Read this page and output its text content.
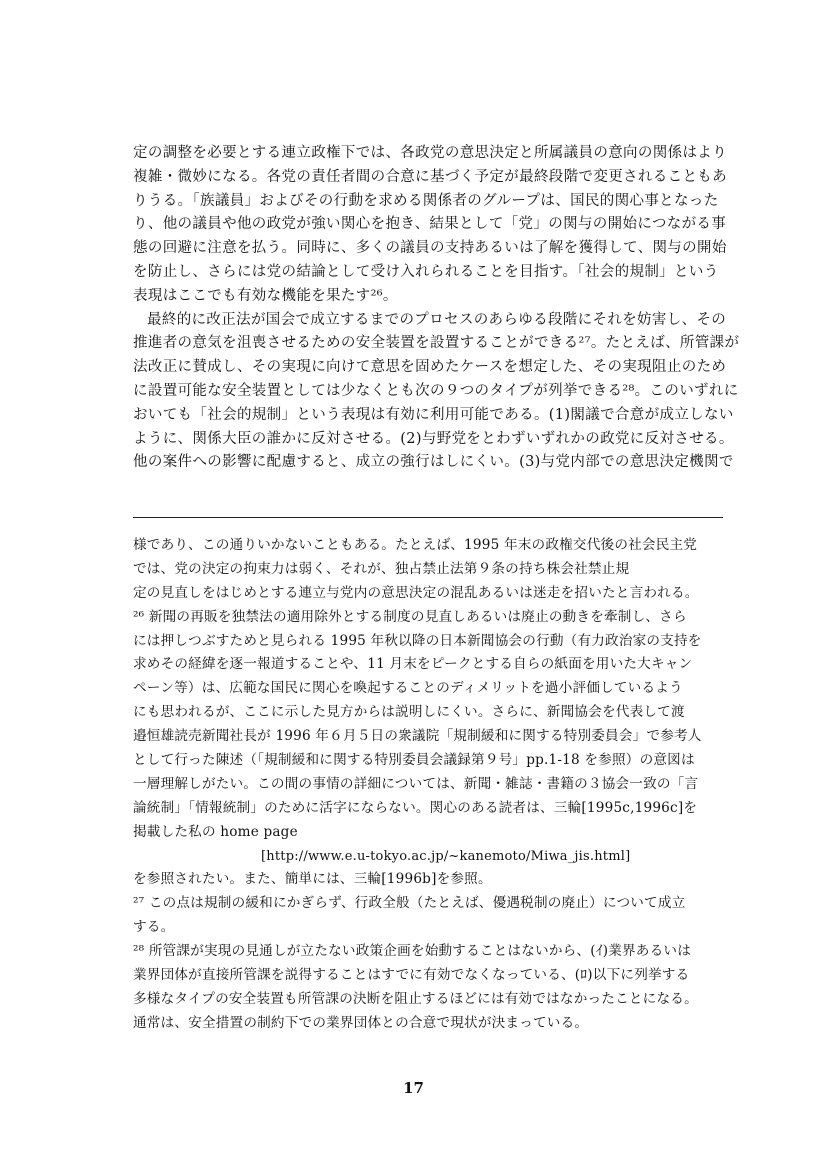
定の調整を必要とする連立政権下では、各政党の意思決定と所属議員の意向の関係はより
複雑・微妙になる。各党の責任者間の合意に基づく予定が最終段階で変更されることもあ
りうる。「族議員」およびその行動を求める関係者のグループは、国民的関心事となった
り、他の議員や他の政党が強い関心を抱き、結果として「党」の関与の開始につながる事
態の回避に注意を払う。同時に、多くの議員の支持あるいは了解を獲得して、関与の開始
を防止し、さらには党の結論として受け入れられることを目指す。「社会的規制」という
表現はここでも有効な機能を果たす²⁶。
最終的に改正法が国会で成立するまでのプロセスのあらゆる段階にそれを妨害し、その
推進者の意気を沮喪させるための安全装置を設置することができる²⁷。たとえば、所管課が
法改正に賛成し、その実現に向けて意思を固めたケースを想定した、その実現阻止のため
に設置可能な安全装置としては少なくとも次の９つのタイプが列挙できる²⁸。このいずれに
おいても「社会的規制」という表現は有効に利用可能である。(1)閣議で合意が成立しない
ように、関係大臣の誰かに反対させる。(2)与野党をとわずいずれかの政党に反対させる。
他の案件への影響に配慮すると、成立の強行はしにくい。(3)与党内部での意思決定機関で
様であり、この通りいかないこともある。たとえば、1995 年末の政権交代後の社会民主党
では、党の決定の拘束力は弱く、それが、独占禁止法第９条の持ち株会社禁止規
定の見直しをはじめとする連立与党内の意思決定の混乱あるいは迷走を招いたと言われる。
²⁶ 新聞の再販を独禁法の適用除外とする制度の見直しあるいは廃止の動きを牽制し、さら
には押しつぶすためと見られる 1995 年秋以降の日本新聞協会の行動（有力政治家の支持を
求めその経緯を逐一報道することや、11 月末をピークとする自らの紙面を用いた大キャン
ペーン等）は、広範な国民に関心を喚起することのディメリットを過小評価しているよう
にも思われるが、ここに示した見方からは説明しにくい。さらに、新聞協会を代表して渡
邉恒雄読売新聞社長が 1996 年６月５日の衆議院「規制緩和に関する特別委員会」で参考人
として行った陳述（「規制緩和に関する特別委員会議録第９号」pp.1-18 を参照）の意図は
一層理解しがたい。この間の事情の詳細については、新聞・雑誌・書籍の３協会一致の「言
論統制」「情報統制」のために活字にならない。関心のある読者は、三輪[1995c,1996c]を
掲載した私の home page
[http://www.e.u-tokyo.ac.jp/~kanemoto/Miwa_jis.html]
を参照されたい。また、簡単には、三輪[1996b]を参照。
²⁷ この点は規制の緩和にかぎらず、行政全般（たとえば、優遇税制の廃止）について成立
する。
²⁸ 所管課が実現の見通しが立たない政策企画を始動することはないから、(ｲ)業界あるいは
業界団体が直接所管課を説得することはすでに有効でなくなっている、(ﾛ)以下に列挙する
多様なタイプの安全装置も所管課の決断を阻止するほどには有効ではなかったことになる。
通常は、安全措置の制約下での業界団体との合意で現状が決まっている。
17
